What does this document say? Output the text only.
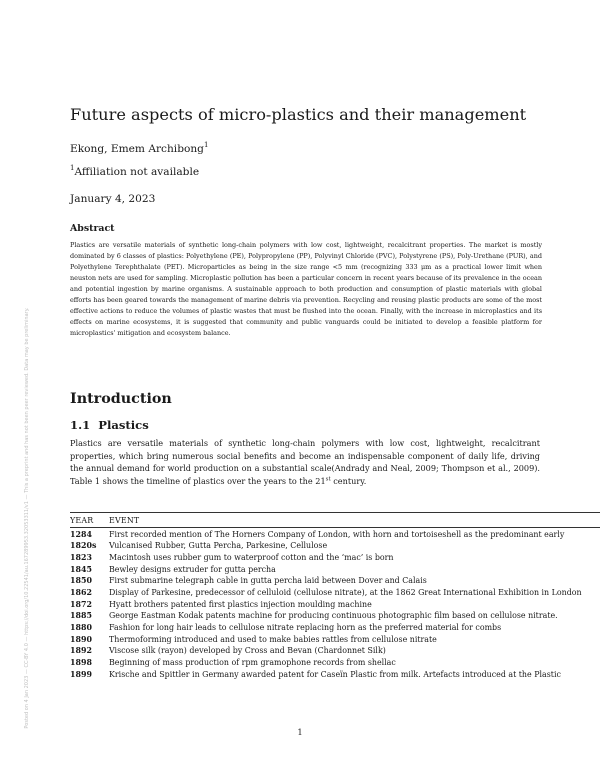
Posted on 4 Jan 2023 — CC-BY 4.0 — https://doi.org/10.22541/au.167289953.32053311/v1 — This a preprint and has not been peer reviewed. Data may be preliminary.
Future aspects of micro-plastics and their management
Ekong, Emem Archibong$^1$
$^1$Affiliation not available
January 4, 2023
Abstract

Plastics are versatile materials of synthetic long-chain polymers with low cost, lightweight, recalcitrant properties. The market is mostly dominated by 6 classes of plastics: Polyethylene (PE), Polypropylene (PP), Polyvinyl Chloride (PVC), Polystyrene (PS), Poly-Urethane (PUR), and Polyethylene Terephthalate (PET). Microparticles as being in the size range <5 mm (recognizing 333 μm as a practical lower limit when neuston nets are used for sampling. Microplastic pollution has been a particular concern in recent years because of its prevalence in the ocean and potential ingestion by marine organisms. A sustainable approach to both production and consumption of plastic materials with global efforts has been geared towards the management of marine debris via prevention. Recycling and reusing plastic products are some of the most effective actions to reduce the volumes of plastic wastes that must be flushed into the ocean. Finally, with the increase in microplastics and its effects on marine ecosystems, it is suggested that community and public vanguards could be initiated to develop a feasible platform for microplastics' mitigation and ecosystem balance.

Introduction
1.1 Plastics

Plastics are versatile materials of synthetic long-chain polymers with low cost, lightweight, recalcitrant properties, which bring numerous social benefits and become an indispensable component of daily life, driving the annual demand for world production on a substantial scale(Andrady and Neal, 2009; Thompson et al., 2009). Table 1 shows the timeline of plastics over the years to the 21st century.

YEAR	EVENT
1284	First recorded mention of The Horners Company of London, with horn and tortoiseshell as the predominant early
1820s	Vulcanised Rubber, Gutta Percha, Parkesine, Cellulose
1823	Macintosh uses rubber gum to waterproof cotton and the ‘mac’ is born
1845	Bewley designs extruder for gutta percha
1850	First submarine telegraph cable in gutta percha laid between Dover and Calais
1862	Display of Parkesine, predecessor of celluloid (cellulose nitrate), at the 1862 Great International Exhibition in London
1872	Hyatt brothers patented first plastics injection moulding machine
1885	George Eastman Kodak patents machine for producing continuous photographic film based on cellulose nitrate.
1880	Fashion for long hair leads to cellulose nitrate replacing horn as the preferred material for combs
1890	Thermoforming introduced and used to make babies rattles from cellulose nitrate
1892	Viscose silk (rayon) developed by Cross and Bevan (Chardonnet Silk)
1898	Beginning of mass production of rpm gramophone records from shellac
1899	Krische and Spittler in Germany awarded patent for Caseïn Plastic from milk. Artefacts introduced at the Plastic
1
